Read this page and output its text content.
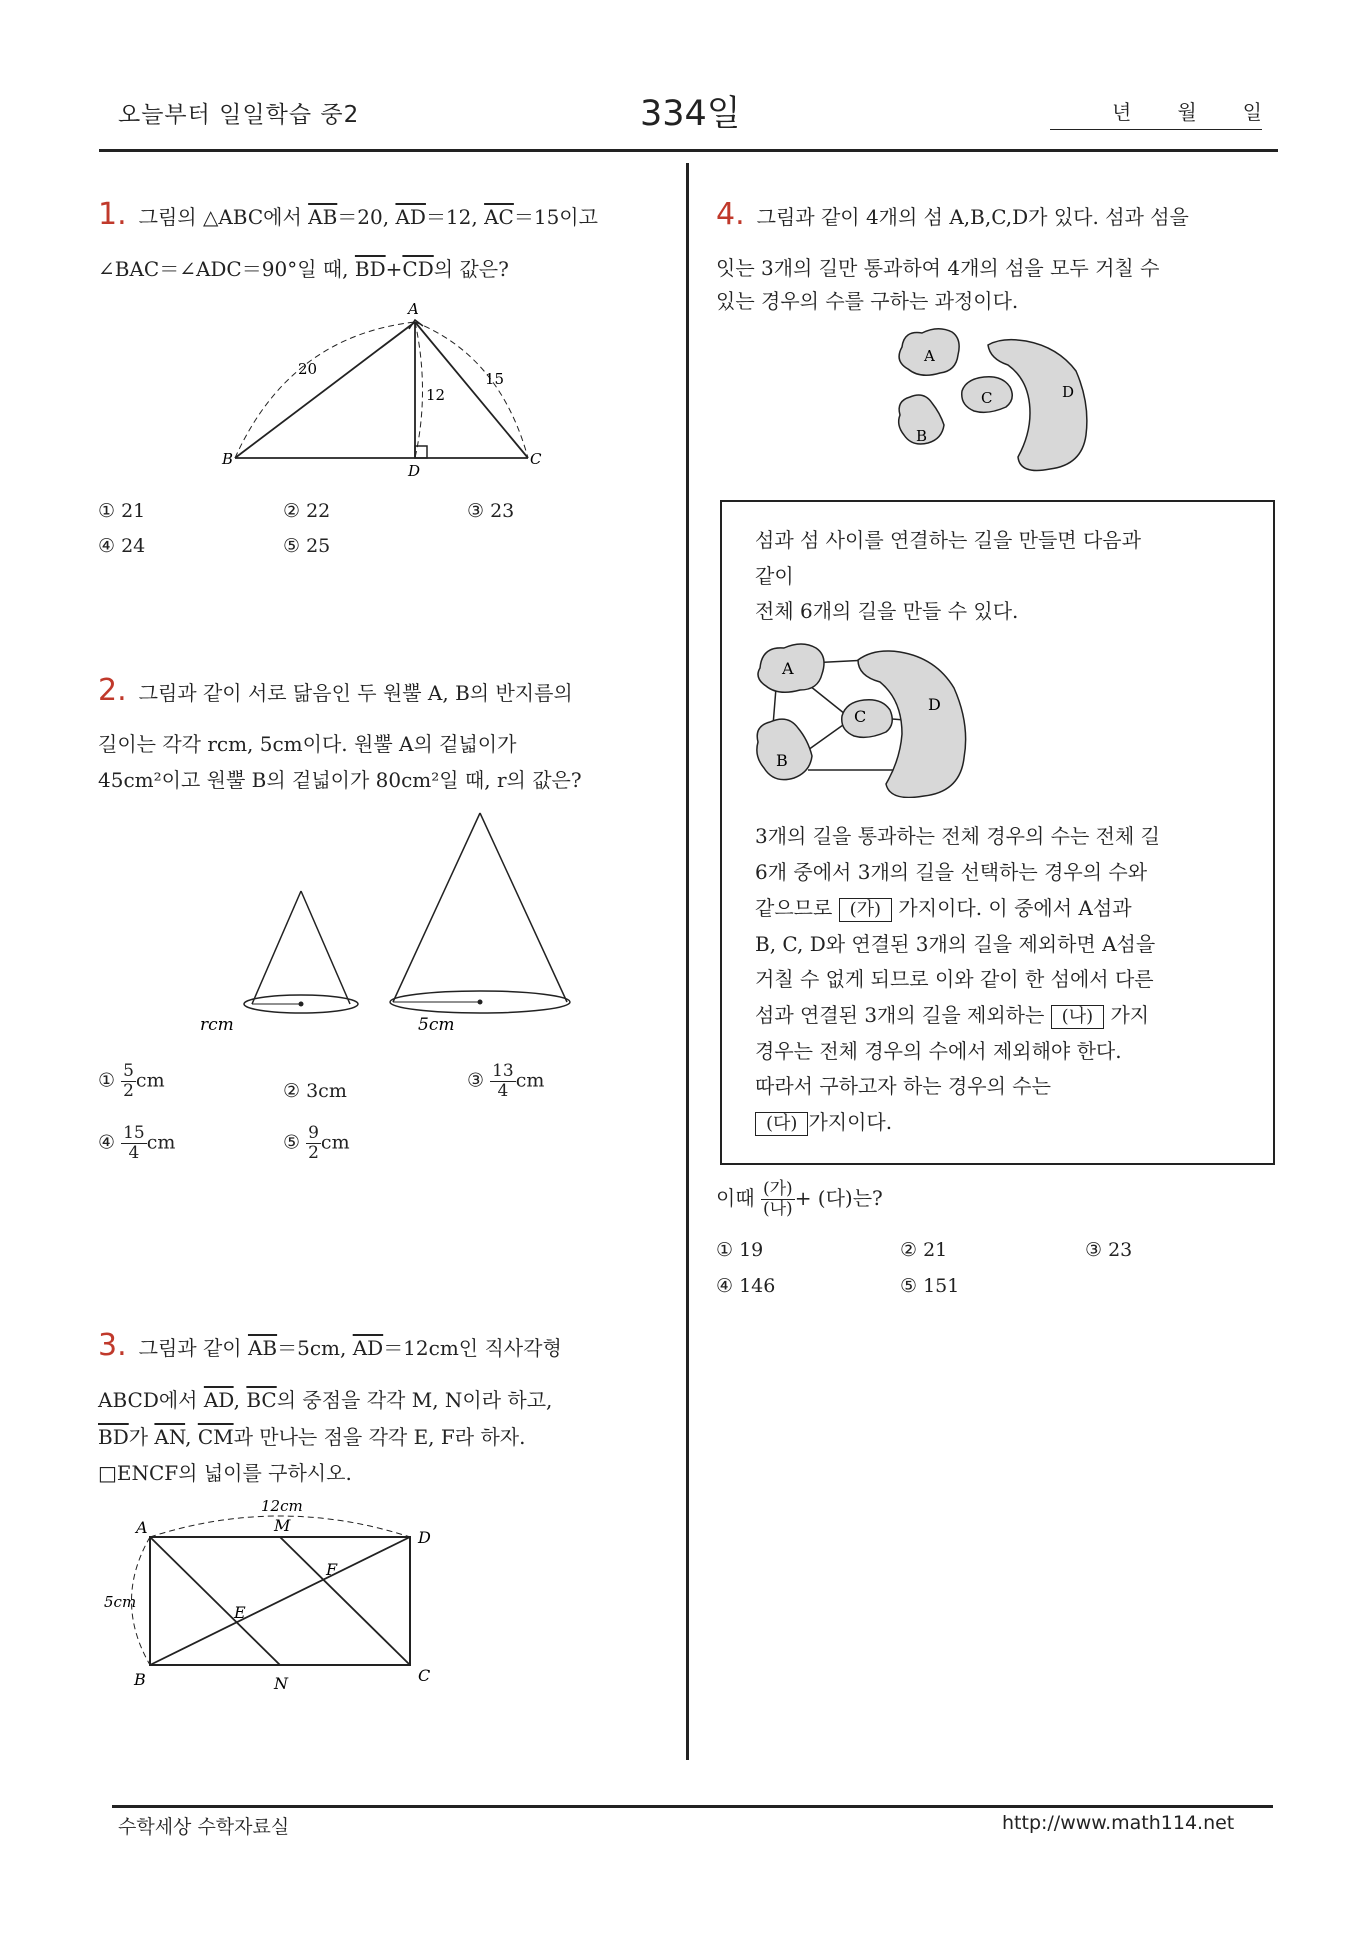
오늘부터 일일학습 중2	334일	년 월 일
1. 그림의 △ABC에서 $\overline{AB}=20$, $\overline{AD}=12$, $\overline{AC}=15$이고
∠BAC＝∠ADC＝90°일 때, $\overline{BD}+\overline{CD}$의 값은?
A
B	C
D
20
12
15
① 21	② 22	③ 23
④ 24	⑤ 25
2. 그림과 같이 서로 닮음인 두 원뿔 A, B의 반지름의
길이는 각각 rcm, 5cm이다. 원뿔 A의 겉넓이가
45cm²이고 원뿔 B의 겉넓이가 80cm²일 때, r의 값은?
rcm	5cm
① $\frac{5}{2}$ cm	② 3cm	③ $\frac{13}{4}$ cm
④ $\frac{15}{4}$ cm	⑤ $\frac{9}{2}$ cm
3. 그림과 같이 $\overline{AB}=5cm$, $\overline{AD}=12cm$인 직사각형
ABCD에서 $\overline{AD}$, $\overline{BC}$의 중점을 각각 M, N이라 하고,
$\overline{BD}$가 $\overline{AN}$, $\overline{CM}$과 만나는 점을 각각 E, F라 하자.
□ENCF의 넓이를 구하시오.
A
B	C
D
M
N
E
F
12cm
5cm
4. 그림과 같이 4개의 섬 A,B,C,D가 있다. 섬과 섬을
잇는 3개의 길만 통과하여 4개의 섬을 모두 거칠 수
있는 경우의 수를 구하는 과정이다.
A
B
C	D
섬과 섬 사이를 연결하는 길을 만들면 다음과
같이
전체 6개의 길을 만들 수 있다.
A
B
C
D
3개의 길을 통과하는 전체 경우의 수는 전체 길
6개 중에서 3개의 길을 선택하는 경우의 수와
같으므로 (가) 가지이다. 이 중에서 A섬과
B, C, D와 연결된 3개의 길을 제외하면 A섬을
거칠 수 없게 되므로 이와 같이 한 섬에서 다른
섬과 연결된 3개의 길을 제외하는 (나) 가지
경우는 전체 경우의 수에서 제외해야 한다.
따라서 구하고자 하는 경우의 수는
(다) 가지이다.
이때 $\frac{\text{(가)}}{\text{(나)}}$ + (다)는?
① 19	② 21	③ 23
④ 146	⑤ 151
수학세상 수학자료실	http://www.math114.net
